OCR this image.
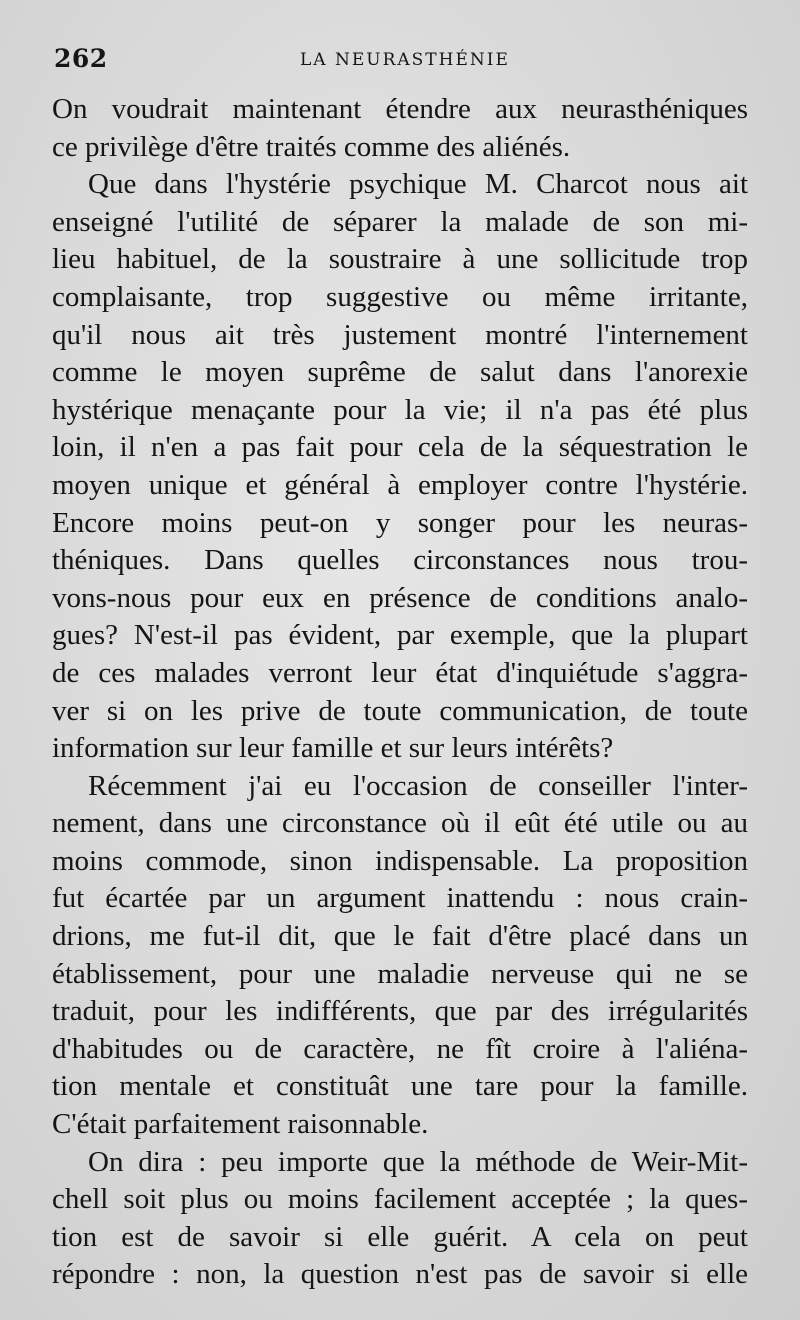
262	LA NEURASTHÉNIE
On voudrait maintenant étendre aux neurasthéniques
ce privilège d'être traités comme des aliénés.
Que dans l'hystérie psychique M. Charcot nous ait
enseigné l'utilité de séparer la malade de son mi-
lieu habituel, de la soustraire à une sollicitude trop
complaisante, trop suggestive ou même irritante,
qu'il nous ait très justement montré l'internement
comme le moyen suprême de salut dans l'anorexie
hystérique menaçante pour la vie; il n'a pas été plus
loin, il n'en a pas fait pour cela de la séquestration le
moyen unique et général à employer contre l'hystérie.
Encore moins peut-on y songer pour les neuras-
théniques. Dans quelles circonstances nous trou-
vons-nous pour eux en présence de conditions analo-
gues? N'est-il pas évident, par exemple, que la plupart
de ces malades verront leur état d'inquiétude s'aggra-
ver si on les prive de toute communication, de toute
information sur leur famille et sur leurs intérêts?
Récemment j'ai eu l'occasion de conseiller l'inter-
nement, dans une circonstance où il eût été utile ou au
moins commode, sinon indispensable. La proposition
fut écartée par un argument inattendu : nous crain-
drions, me fut-il dit, que le fait d'être placé dans un
établissement, pour une maladie nerveuse qui ne se
traduit, pour les indifférents, que par des irrégularités
d'habitudes ou de caractère, ne fît croire à l'aliéna-
tion mentale et constituât une tare pour la famille.
C'était parfaitement raisonnable.
On dira : peu importe que la méthode de Weir-Mit-
chell soit plus ou moins facilement acceptée ; la ques-
tion est de savoir si elle guérit. A cela on peut
répondre : non, la question n'est pas de savoir si elle
